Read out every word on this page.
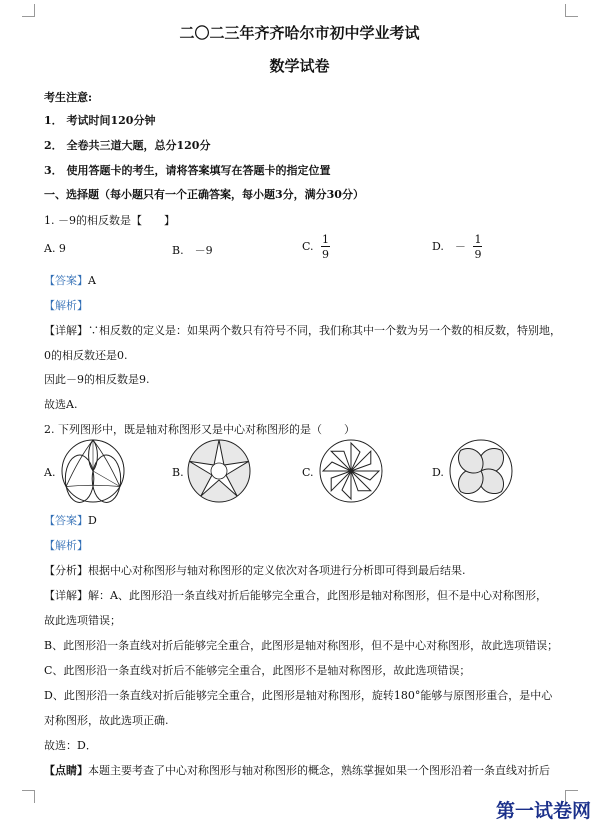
二〇二三年齐齐哈尔市初中学业考试
数学试卷
考生注意:
1． 考试时间120分钟
2． 全卷共三道大题，总分120分
3． 使用答题卡的考生，请将答案填写在答题卡的指定位置
一、选择题（每小题只有一个正确答案，每小题3分，满分30分）
1. －9的相反数是【　　】
A. 9	B.　－9	C. $\frac{1}{9}$	D.　－ $\frac{1}{9}$
【答案】A
【解析】
【详解】∵相反数的定义是：如果两个数只有符号不同，我们称其中一个数为另一个数的相反数，特别地，
0的相反数还是0.
因此－9的相反数是9.
故选A.
2. 下列图形中，既是轴对称图形又是中心对称图形的是（　　）
A.	B.	C.	D.
【答案】D
【解析】
【分析】根据中心对称图形与轴对称图形的定义依次对各项进行分析即可得到最后结果.
【详解】解：A、此图形沿一条直线对折后能够完全重合，此图形是轴对称图形，但不是中心对称图形，
故此选项错误；
B、此图形沿一条直线对折后能够完全重合，此图形是轴对称图形，但不是中心对称图形，故此选项错误；
C、此图形沿一条直线对折后不能够完全重合，此图形不是轴对称图形，故此选项错误；
D、此图形沿一条直线对折后能够完全重合，此图形是轴对称图形，旋转180°能够与原图形重合，是中心
对称图形，故此选项正确.
故选：D．
【点睛】本题主要考查了中心对称图形与轴对称图形的概念，熟练掌握如果一个图形沿着一条直线对折后
第一试卷网
